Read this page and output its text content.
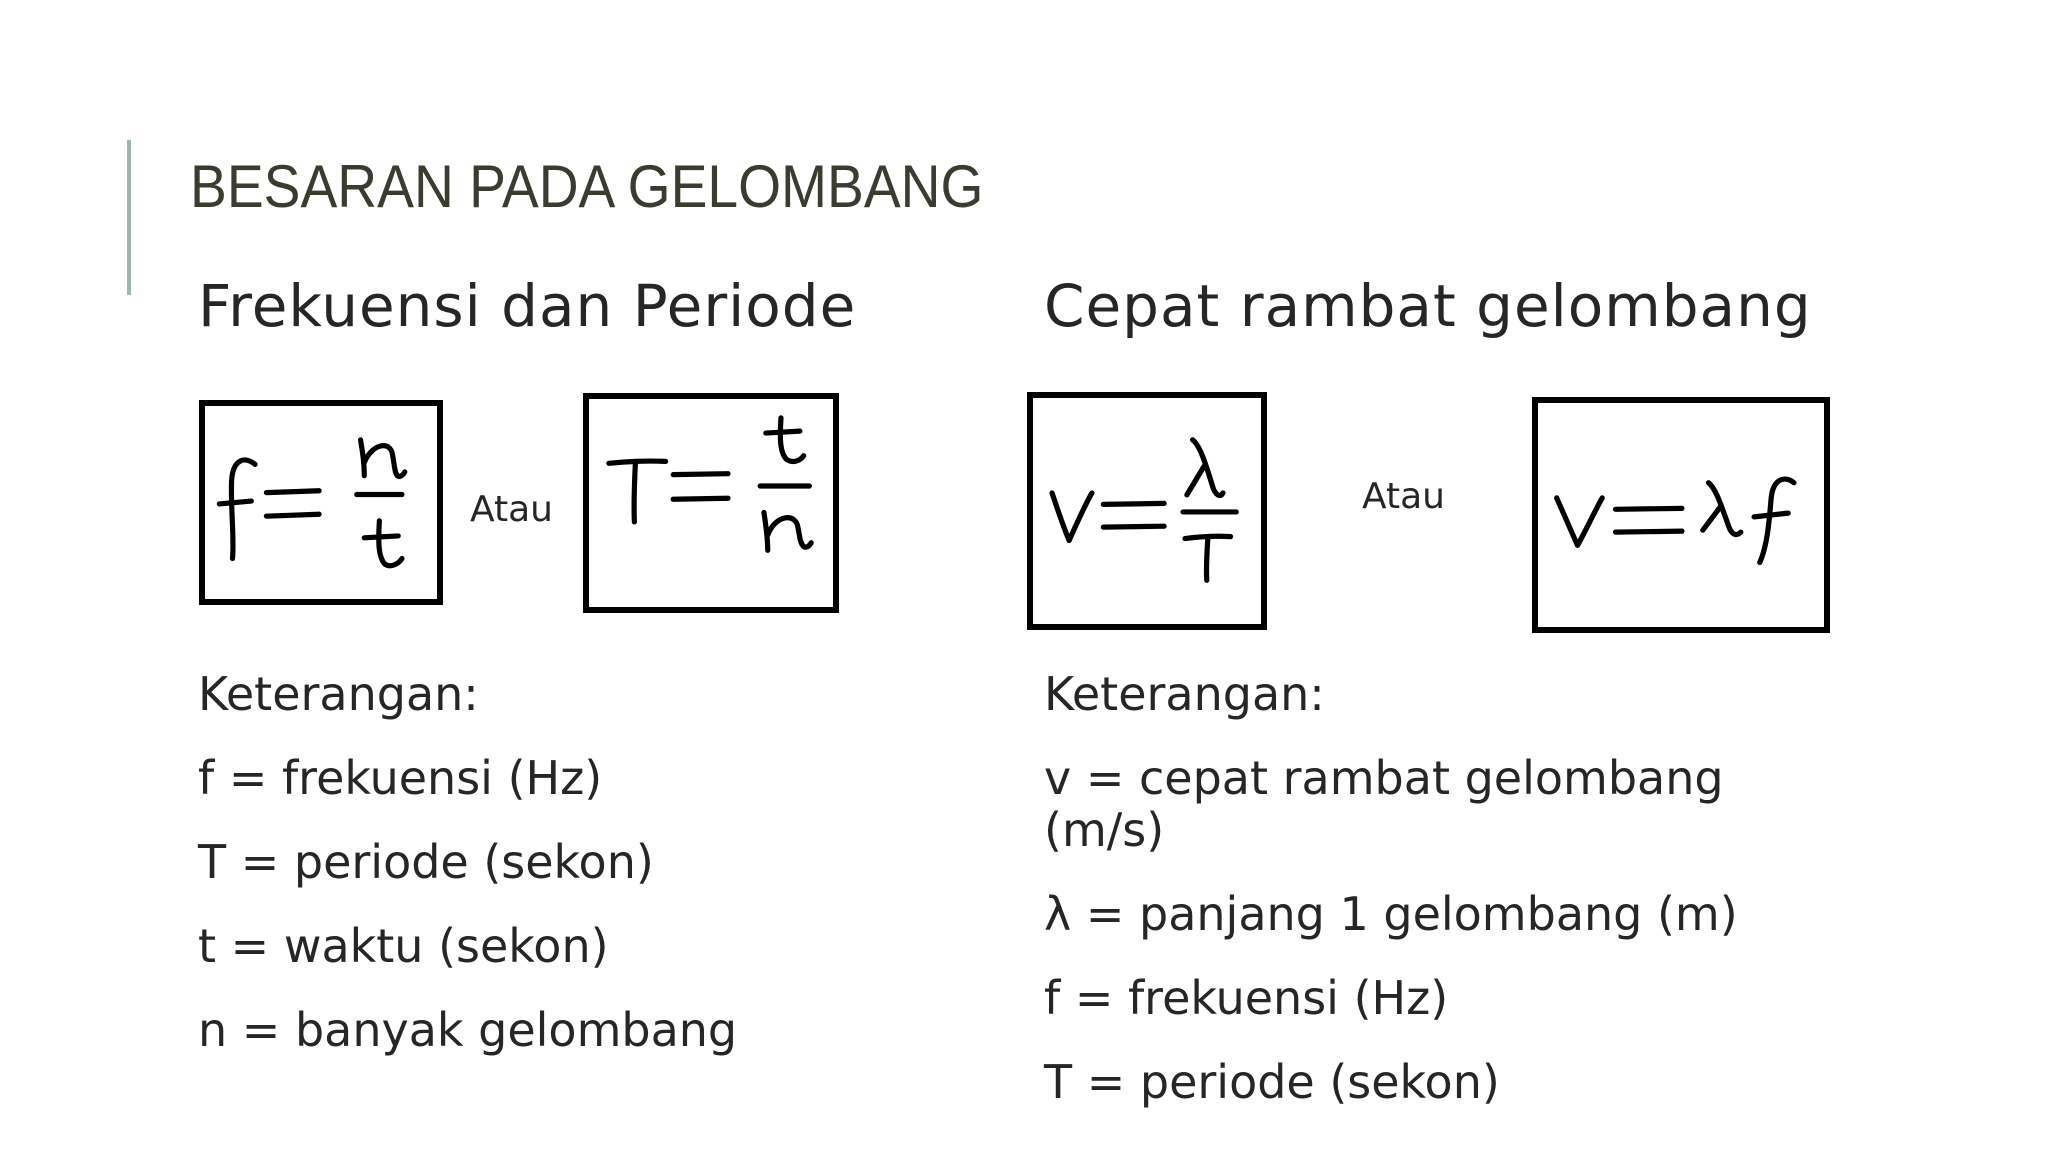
BESARAN PADA GELOMBANG
Frekuensi dan Periode
Atau
Keterangan:
f = frekuensi (Hz)
T = periode (sekon)
t = waktu (sekon)
n = banyak gelombang
Cepat rambat gelombang
Atau
Keterangan:
v = cepat rambat gelombang (m/s)
λ = panjang 1 gelombang (m)
f = frekuensi (Hz)
T = periode (sekon)
